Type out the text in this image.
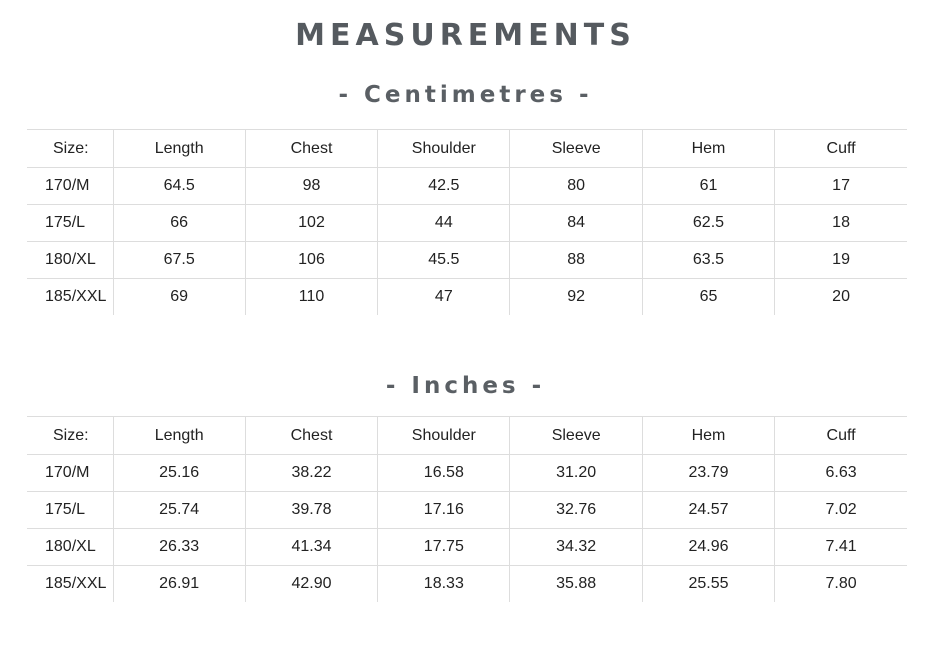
MEASUREMENTS
- Centimetres -
Size:	Length	Chest	Shoulder	Sleeve	Hem	Cuff
170/M	64.5	98	42.5	80	61	17
175/L	66	102	44	84	62.5	18
180/XL	67.5	106	45.5	88	63.5	19
185/XXL	69	110	47	92	65	20
- Inches -
Size:	Length	Chest	Shoulder	Sleeve	Hem	Cuff
170/M	25.16	38.22	16.58	31.20	23.79	6.63
175/L	25.74	39.78	17.16	32.76	24.57	7.02
180/XL	26.33	41.34	17.75	34.32	24.96	7.41
185/XXL	26.91	42.90	18.33	35.88	25.55	7.80
